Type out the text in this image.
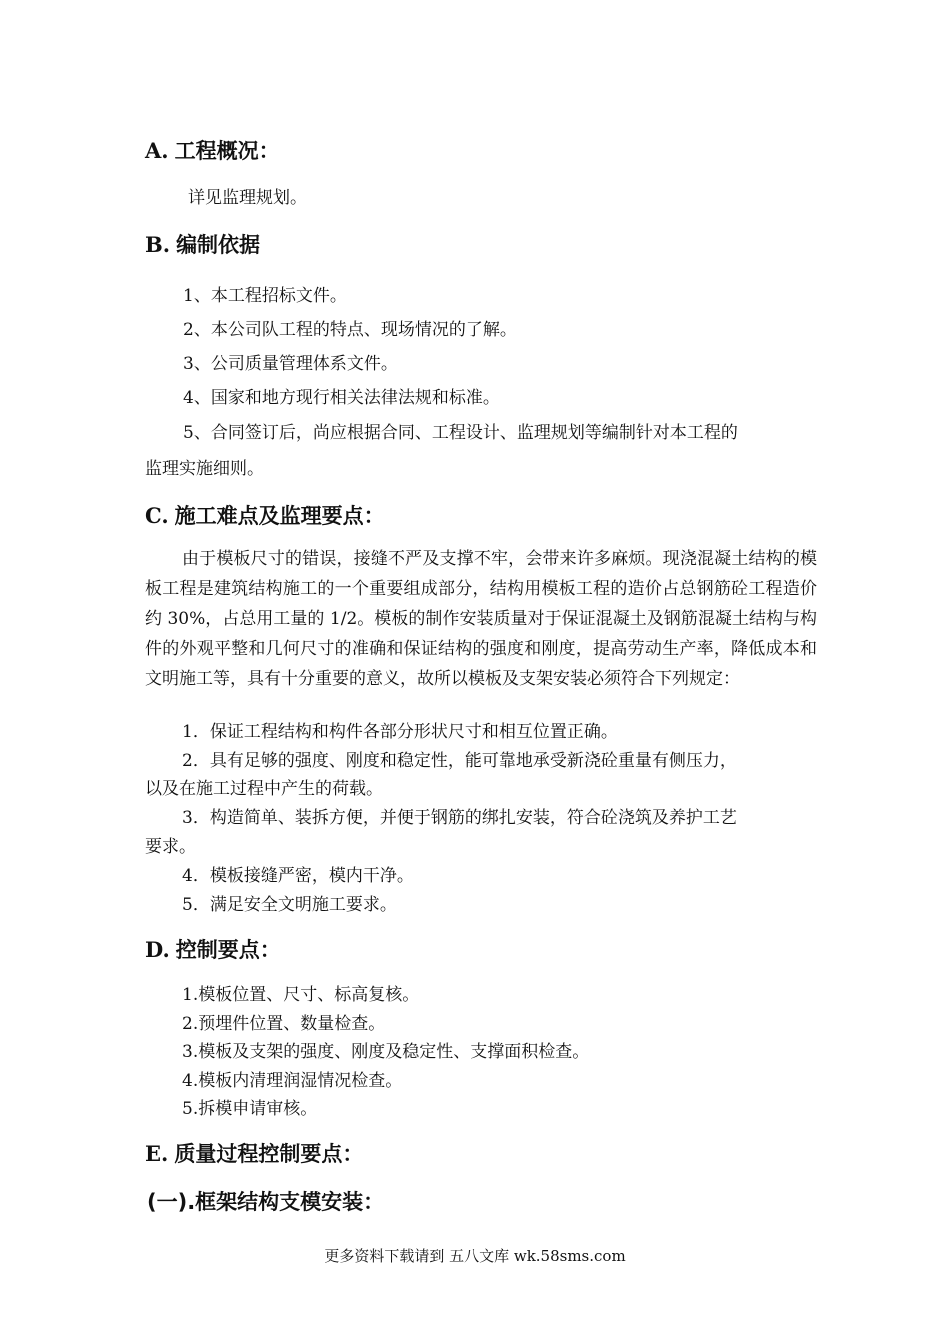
A. 工程概况：

详见监理规划。

B. 编制依据

1、本工程招标文件。

2、本公司队工程的特点、现场情况的了解。

3、公司质量管理体系文件。

4、国家和地方现行相关法律法规和标准。

5、合同签订后，尚应根据合同、工程设计、监理规划等编制针对本工程的

监理实施细则。

C. 施工难点及监理要点：

由于模板尺寸的错误，接缝不严及支撑不牢，会带来许多麻烦。现浇混凝土结构的模板工程是建筑结构施工的一个重要组成部分，结构用模板工程的造价占总钢筋砼工程造价约 30%，占总用工量的 1/2。模板的制作安装质量对于保证混凝土及钢筋混凝土结构与构件的外观平整和几何尺寸的准确和保证结构的强度和刚度，提高劳动生产率，降低成本和文明施工等，具有十分重要的意义，故所以模板及支架安装必须符合下列规定：

1．保证工程结构和构件各部分形状尺寸和相互位置正确。

2．具有足够的强度、刚度和稳定性，能可靠地承受新浇砼重量有侧压力，

以及在施工过程中产生的荷载。

3．构造简单、装拆方便，并便于钢筋的绑扎安装，符合砼浇筑及养护工艺

要求。

4．模板接缝严密，模内干净。

5．满足安全文明施工要求。

D. 控制要点：

1.模板位置、尺寸、标高复核。

2.预埋件位置、数量检查。

3.模板及支架的强度、刚度及稳定性、支撑面积检查。

4.模板内清理润湿情况检查。

5.拆模申请审核。

E. 质量过程控制要点：
(一).框架结构支模安装：
更多资料下载请到 五八文库 wk.58sms.com
